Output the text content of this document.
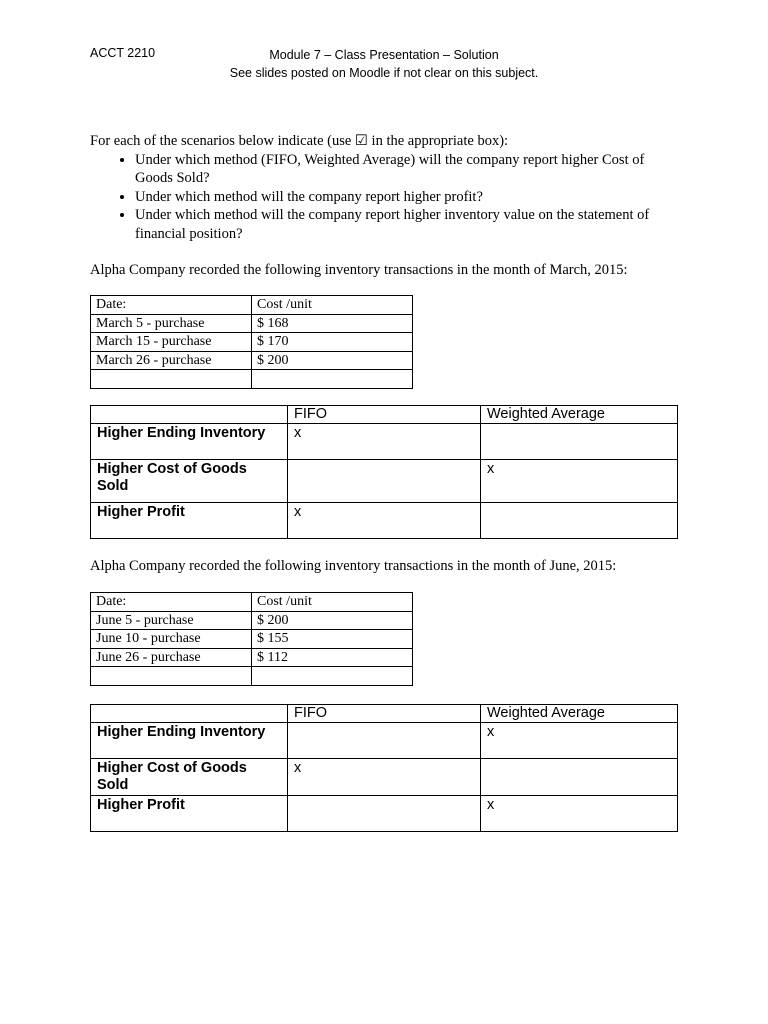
ACCT 2210	Module 7 – Class Presentation – Solution
See slides posted on Moodle if not clear on this subject.
For each of the scenarios below indicate (use ☑ in the appropriate box):
• Under which method (FIFO, Weighted Average) will the company report higher Cost of Goods Sold?
• Under which method will the company report higher profit?
• Under which method will the company report higher inventory value on the statement of financial position?
Alpha Company recorded the following inventory transactions in the month of March, 2015:
Date:	Cost /unit
March 5 - purchase	$ 168
March 15 - purchase	$ 170
March 26 - purchase	$ 200

	FIFO	Weighted Average
Higher Ending Inventory	x	
Higher Cost of Goods Sold		x
Higher Profit	x	
Alpha Company recorded the following inventory transactions in the month of June, 2015:
Date:	Cost /unit
June 5 - purchase	$ 200
June 10 - purchase	$ 155
June 26 - purchase	$ 112

	FIFO	Weighted Average
Higher Ending Inventory		x
Higher Cost of Goods Sold	x	
Higher Profit		x
